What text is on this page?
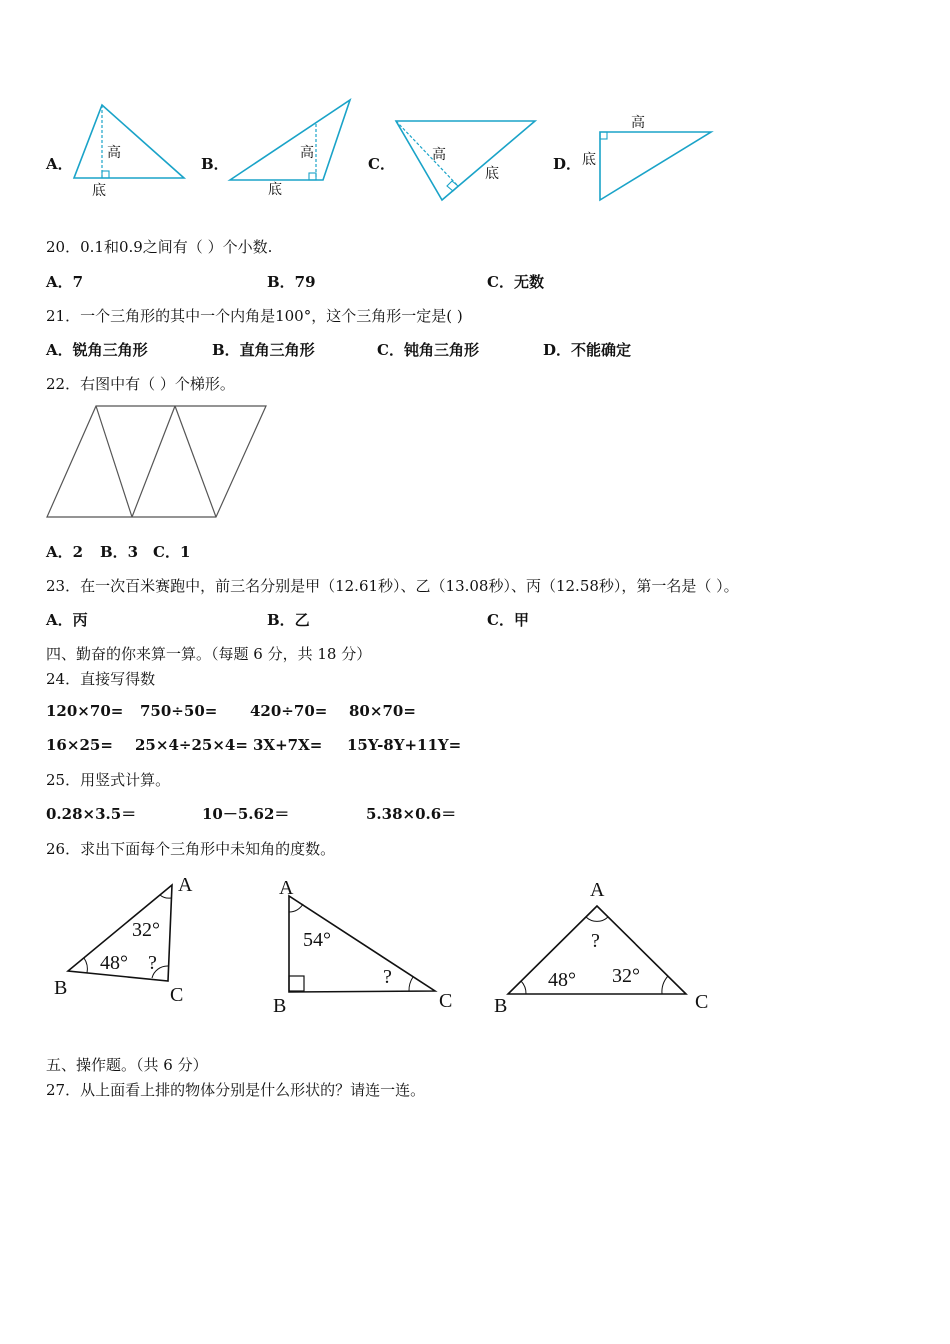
A．
高
底
B．
高
底
C．	高
底
D．
高
底
20．0.1和0.9之间有（ ）个小数.
A．7	B．79	C．无数
21．一个三角形的其中一个内角是100°，这个三角形一定是( )
A．锐角三角形	B．直角三角形	C．钝角三角形	D．不能确定
22．右图中有（ ）个梯形。
A．2 B．3 C．1
23．在一次百米赛跑中，前三名分别是甲（12.61秒）、乙（13.08秒）、丙（12.58秒），第一名是（ ）。
A．丙	B．乙	C．甲
四、勤奋的你来算一算。（每题 6 分，共 18 分）
24．直接写得数
120×70= 750÷50= 420÷70= 80×70=
16×25= 25×4÷25×4= 3X+7X= 15Y-8Y+11Y=
25．用竖式计算。
0.28×3.5＝	10－5.62＝	5.38×0.6＝
26．求出下面每个三角形中未知角的度数。
A
B	C
32°
48° ?
A
B	C
54°
?
A
B	C
?
48° 32°
五、操作题。（共 6 分）
27．从上面看上排的物体分别是什么形状的？请连一连。
